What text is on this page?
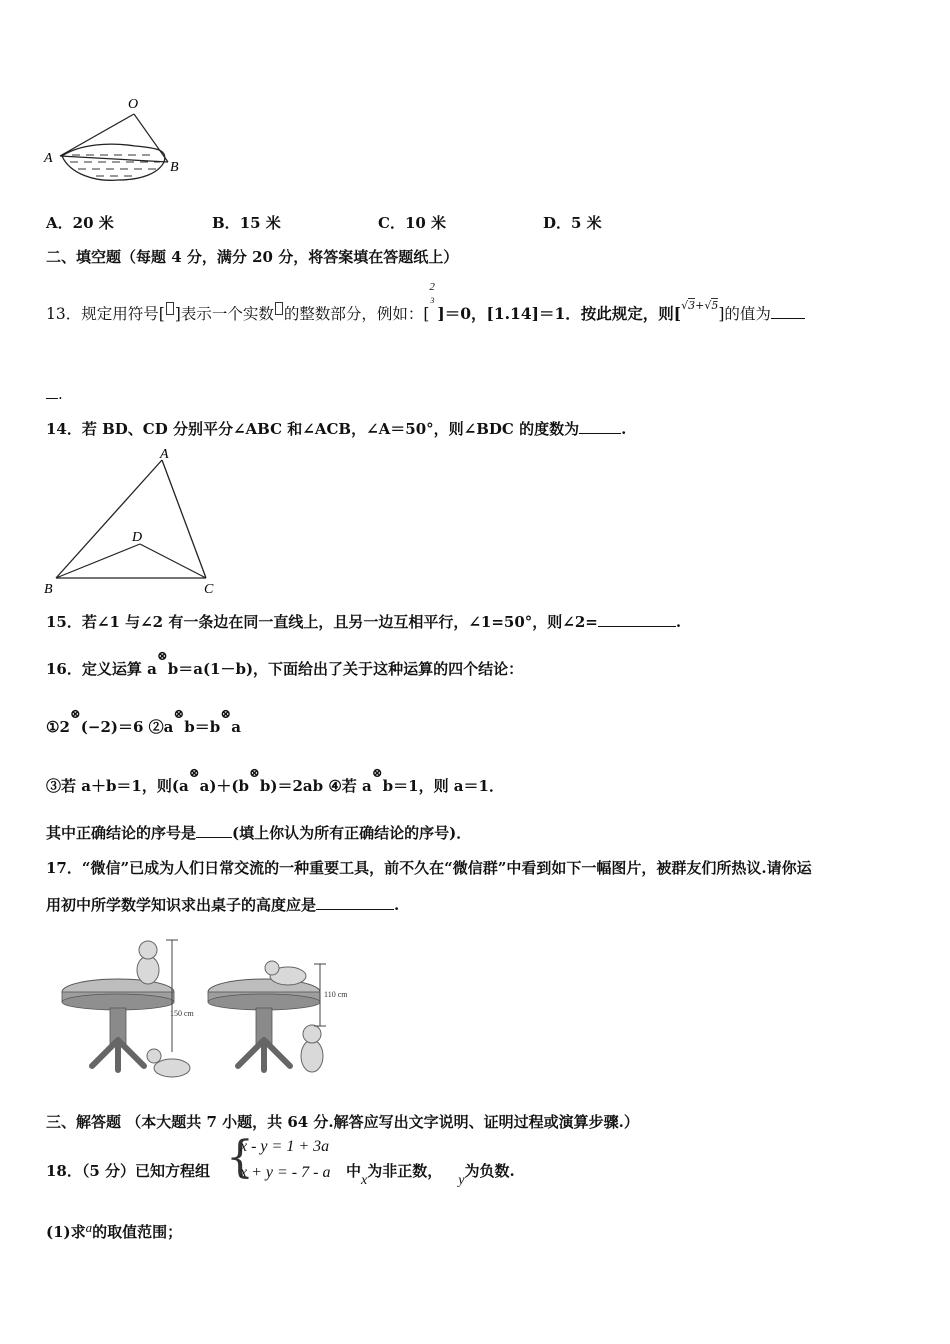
O
A
B
A．20 米	B．15 米	C．10 米	D．5 米
二、填空题（每题 4 分，满分 20 分，将答案填在答题纸上）
13．规定用符号[ ]表示一个实数 的整数部分，例如：[
2
3
]＝0，[1.14]＝1．按此规定，则[√3+√5]的值为
.
14．若 BD、CD 分别平分∠ABC 和∠ACB，∠A＝50°，则∠BDC 的度数为	.
A
B	C
D
15．若∠1 与∠2 有一条边在同一直线上，且另一边互相平行，∠1=50°，则∠2=	.
16．定义运算 a⊗b＝a(1－b)，下面给出了关于这种运算的四个结论：
①2⊗(−2)＝6 ②a⊗b＝b⊗a
③若 a＋b＝1，则(a⊗a)＋(b⊗b)＝2ab ④若 a⊗b＝1，则 a＝1．
其中正确结论的序号是 (填上你认为所有正确结论的序号)．
17．“微信”已成为人们日常交流的一种重要工具，前不久在“微信群”中看到如下一幅图片，被群友们所热议.请你运
用初中所学数学知识求出桌子的高度应是	.
150 cm
110 cm
三、解答题 （本大题共 7 小题，共 64 分.解答应写出文字说明、证明过程或演算步骤.）
18．（5 分）已知方程组 {
x - y = 1 + 3a
x + y = - 7 - a 中x为非正数，y为负数.
(1)求a的取值范围；
